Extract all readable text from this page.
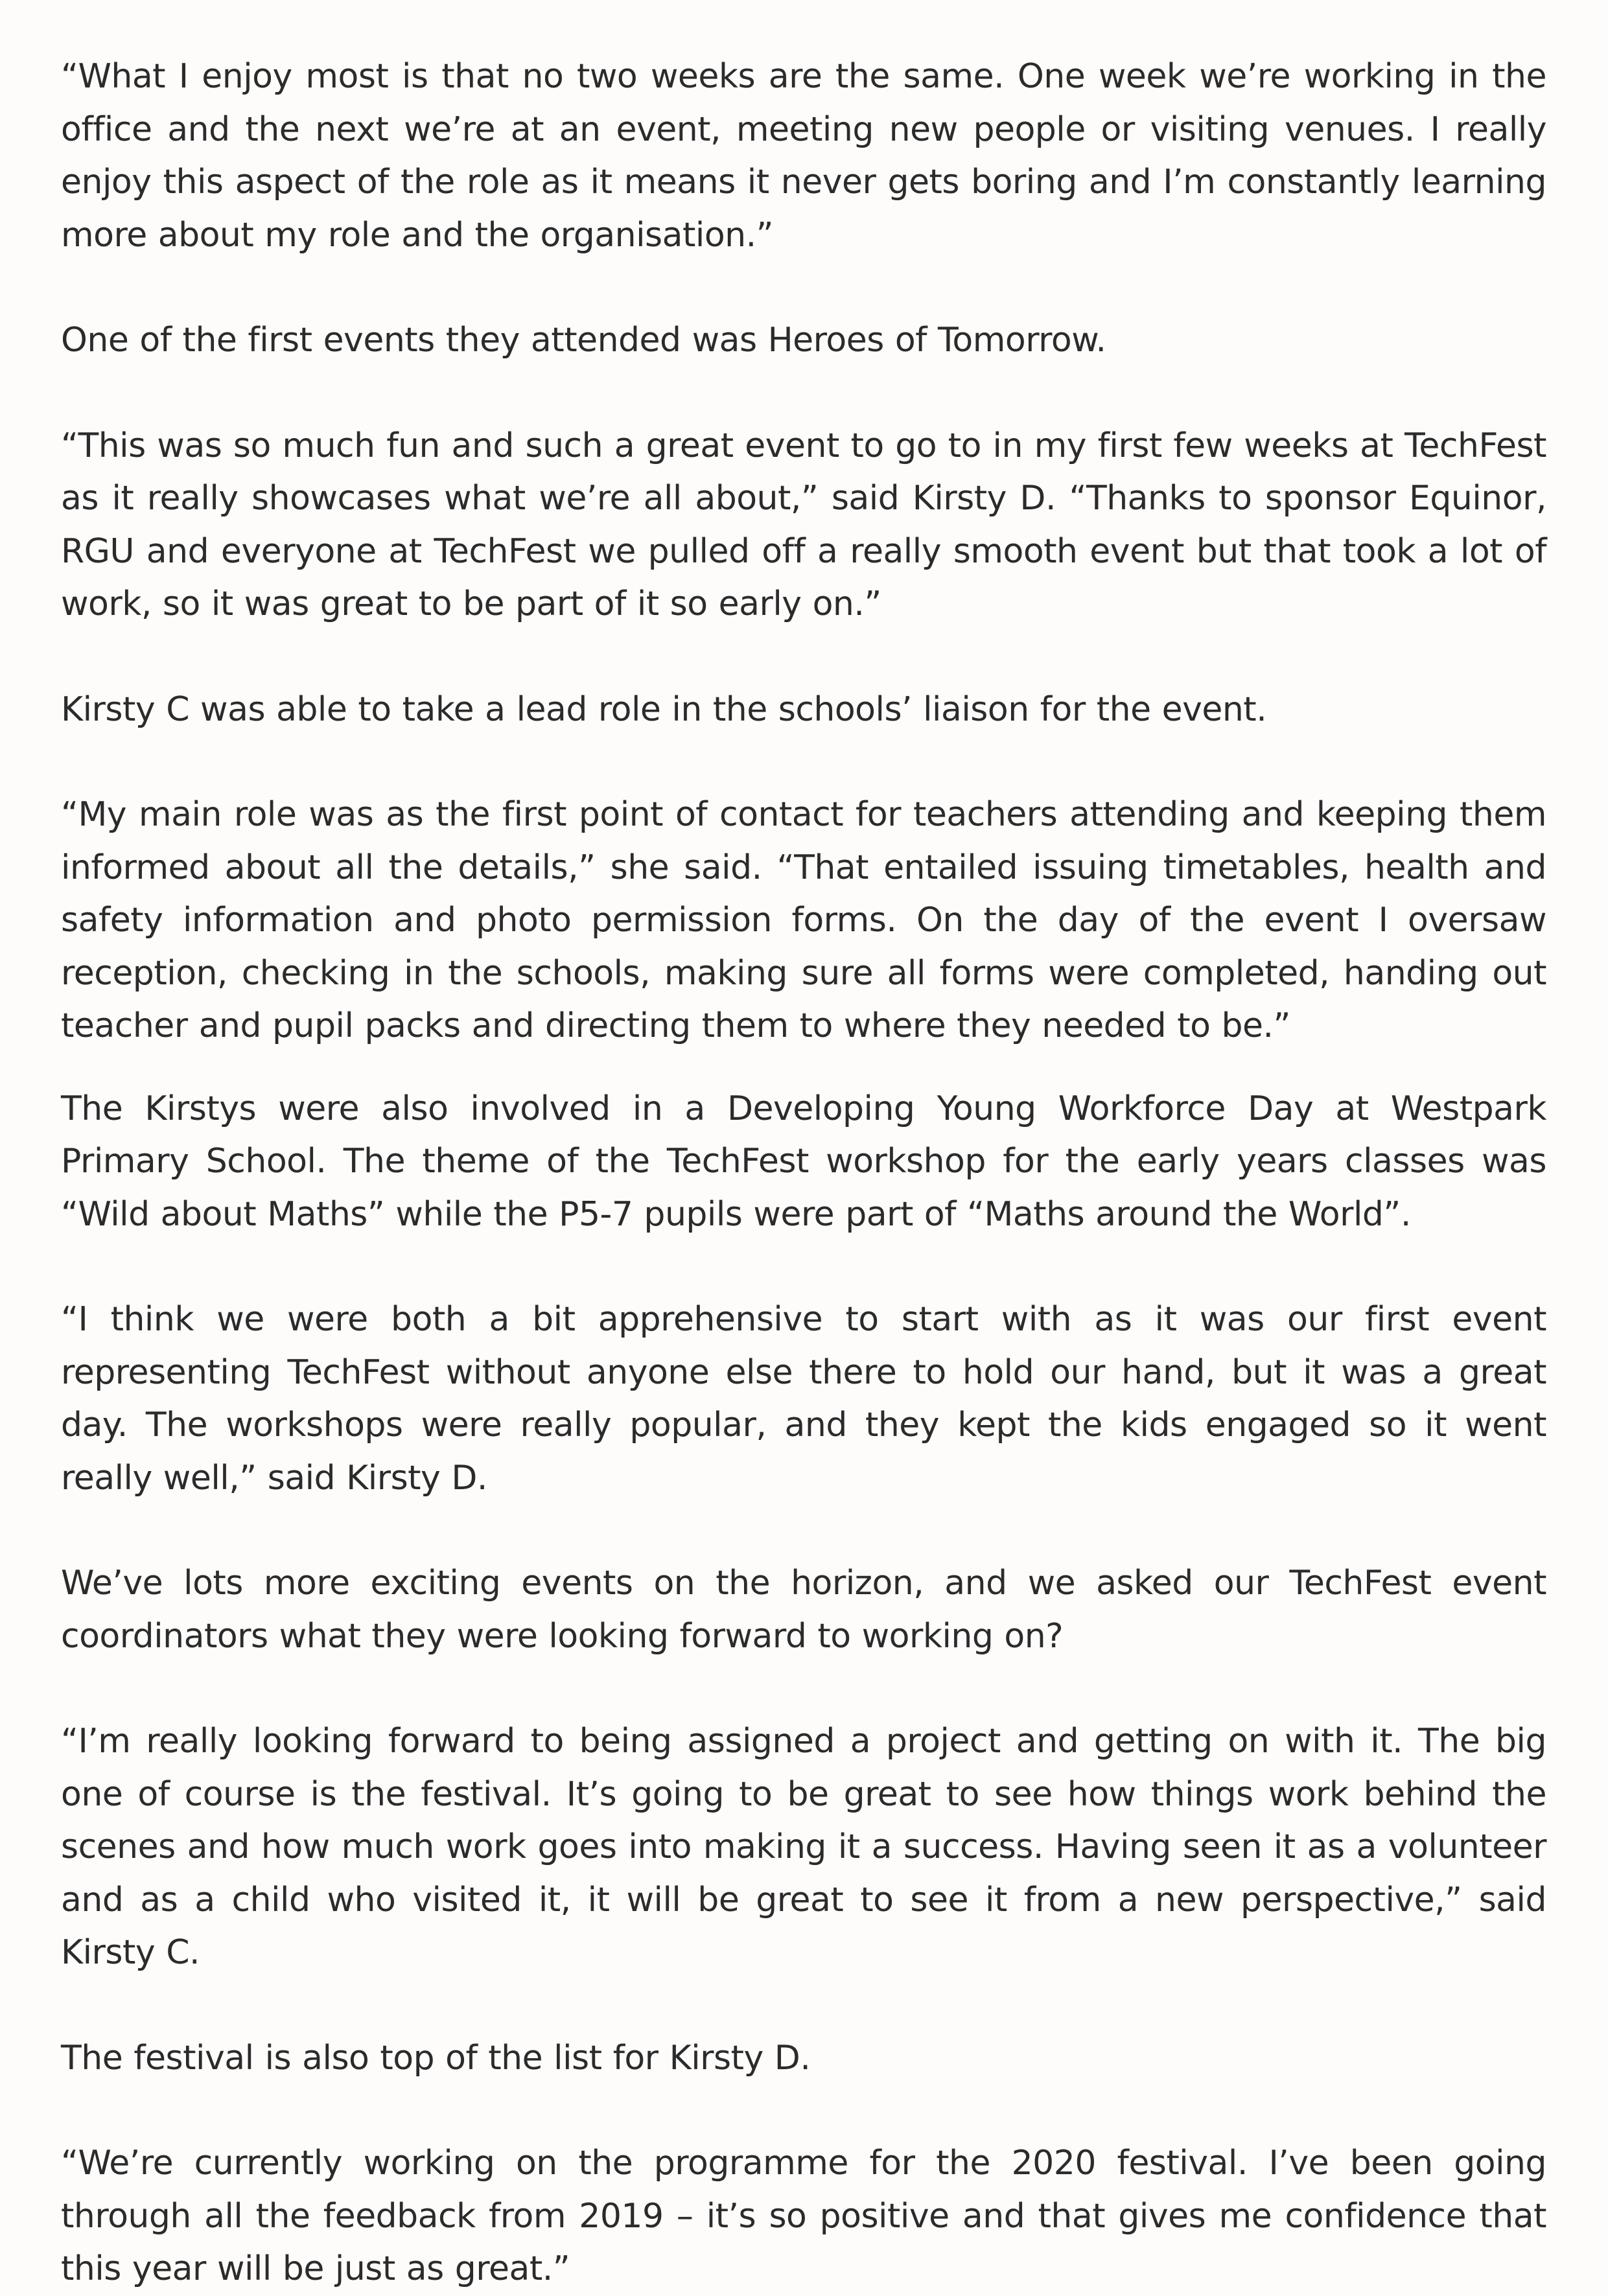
“What I enjoy most is that no two weeks are the same. One week we’re working in the office and the next we’re at an event, meeting new people or visiting venues. I really enjoy this aspect of the role as it means it never gets boring and I’m constantly learning more about my role and the organisation.”

One of the first events they attended was Heroes of Tomorrow.

“This was so much fun and such a great event to go to in my first few weeks at TechFest as it really showcases what we’re all about,” said Kirsty D. “Thanks to sponsor Equinor, RGU and everyone at TechFest we pulled off a really smooth event but that took a lot of work, so it was great to be part of it so early on.”

Kirsty C was able to take a lead role in the schools’ liaison for the event.

“My main role was as the first point of contact for teachers attending and keeping them informed about all the details,” she said. “That entailed issuing timetables, health and safety information and photo permission forms. On the day of the event I oversaw reception, checking in the schools, making sure all forms were completed, handing out teacher and pupil packs and directing them to where they needed to be.”

The Kirstys were also involved in a Developing Young Workforce Day at Westpark Primary School. The theme of the TechFest workshop for the early years classes was “Wild about Maths” while the P5-7 pupils were part of “Maths around the World”.

“I think we were both a bit apprehensive to start with as it was our first event representing TechFest without anyone else there to hold our hand, but it was a great day. The workshops were really popular, and they kept the kids engaged so it went really well,” said Kirsty D.

We’ve lots more exciting events on the horizon, and we asked our TechFest event coordinators what they were looking forward to working on?

“I’m really looking forward to being assigned a project and getting on with it. The big one of course is the festival. It’s going to be great to see how things work behind the scenes and how much work goes into making it a success. Having seen it as a volunteer and as a child who visited it, it will be great to see it from a new perspective,” said Kirsty C.

The festival is also top of the list for Kirsty D.

“We’re currently working on the programme for the 2020 festival. I’ve been going through all the feedback from 2019 – it’s so positive and that gives me confidence that this year will be just as great.”
